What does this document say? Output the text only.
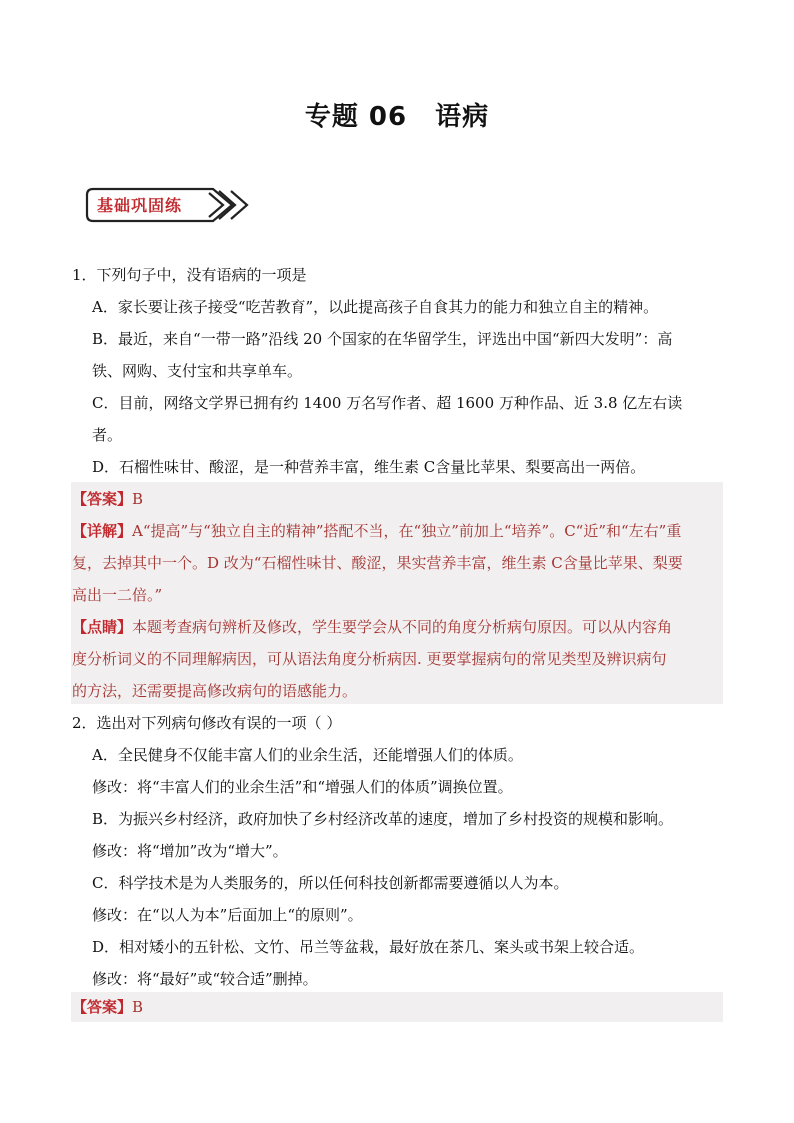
专题 06 语病
基础巩固练
1．下列句子中，没有语病的一项是
A．家长要让孩子接受“吃苦教育”，以此提高孩子自食其力的能力和独立自主的精神。
B．最近，来自“一带一路”沿线 20 个国家的在华留学生，评选出中国“新四大发明”：高
铁、网购、支付宝和共享单车。
C．目前，网络文学界已拥有约 1400 万名写作者、超 1600 万种作品、近 3.8 亿左右读
者。
D．石榴性味甘、酸涩，是一种营养丰富，维生素 C含量比苹果、梨要高出一两倍。
【答案】B
【详解】A“提高”与“独立自主的精神”搭配不当，在“独立”前加上“培养”。C“近”和“左右”重
复，去掉其中一个。D 改为“石榴性味甘、酸涩，果实营养丰富，维生素 C含量比苹果、梨要
高出一二倍。”
【点睛】本题考查病句辨析及修改，学生要学会从不同的角度分析病句原因。可以从内容角
度分析词义的不同理解病因，可从语法角度分析病因. 更要掌握病句的常见类型及辨识病句
的方法，还需要提高修改病句的语感能力。
2．选出对下列病句修改有误的一项（ ）
A．全民健身不仅能丰富人们的业余生活，还能增强人们的体质。
修改：将“丰富人们的业余生活”和“增强人们的体质”调换位置。
B．为振兴乡村经济，政府加快了乡村经济改革的速度，增加了乡村投资的规模和影响。
修改：将“增加”改为“增大”。
C．科学技术是为人类服务的，所以任何科技创新都需要遵循以人为本。
修改：在“以人为本”后面加上“的原则”。
D．相对矮小的五针松、文竹、吊兰等盆栽，最好放在茶几、案头或书架上较合适。
修改：将“最好”或“较合适”删掉。
【答案】B
